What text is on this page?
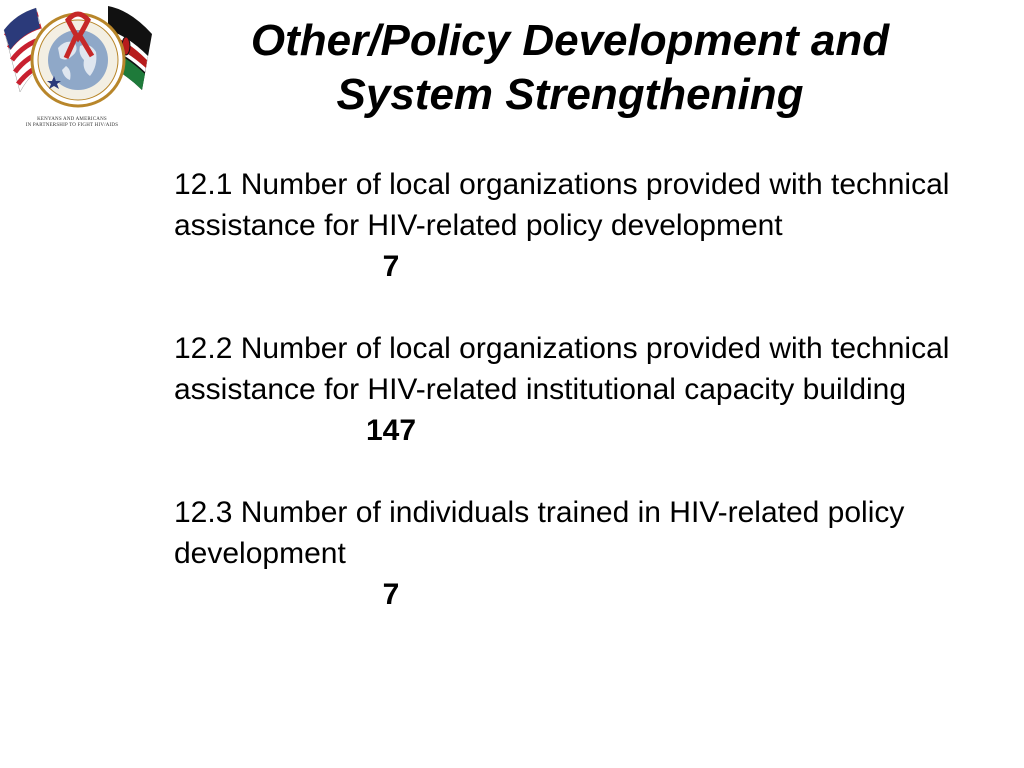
KENYANS AND AMERICANS
IN PARTNERSHIP TO FIGHT HIV/AIDS
Other/Policy Development and
System Strengthening
12.1 Number of local organizations provided with technical assistance for HIV-related policy development
7
12.2 Number of local organizations provided with technical assistance for HIV-related institutional capacity building
147
12.3 Number of individuals trained in HIV-related policy development
7
